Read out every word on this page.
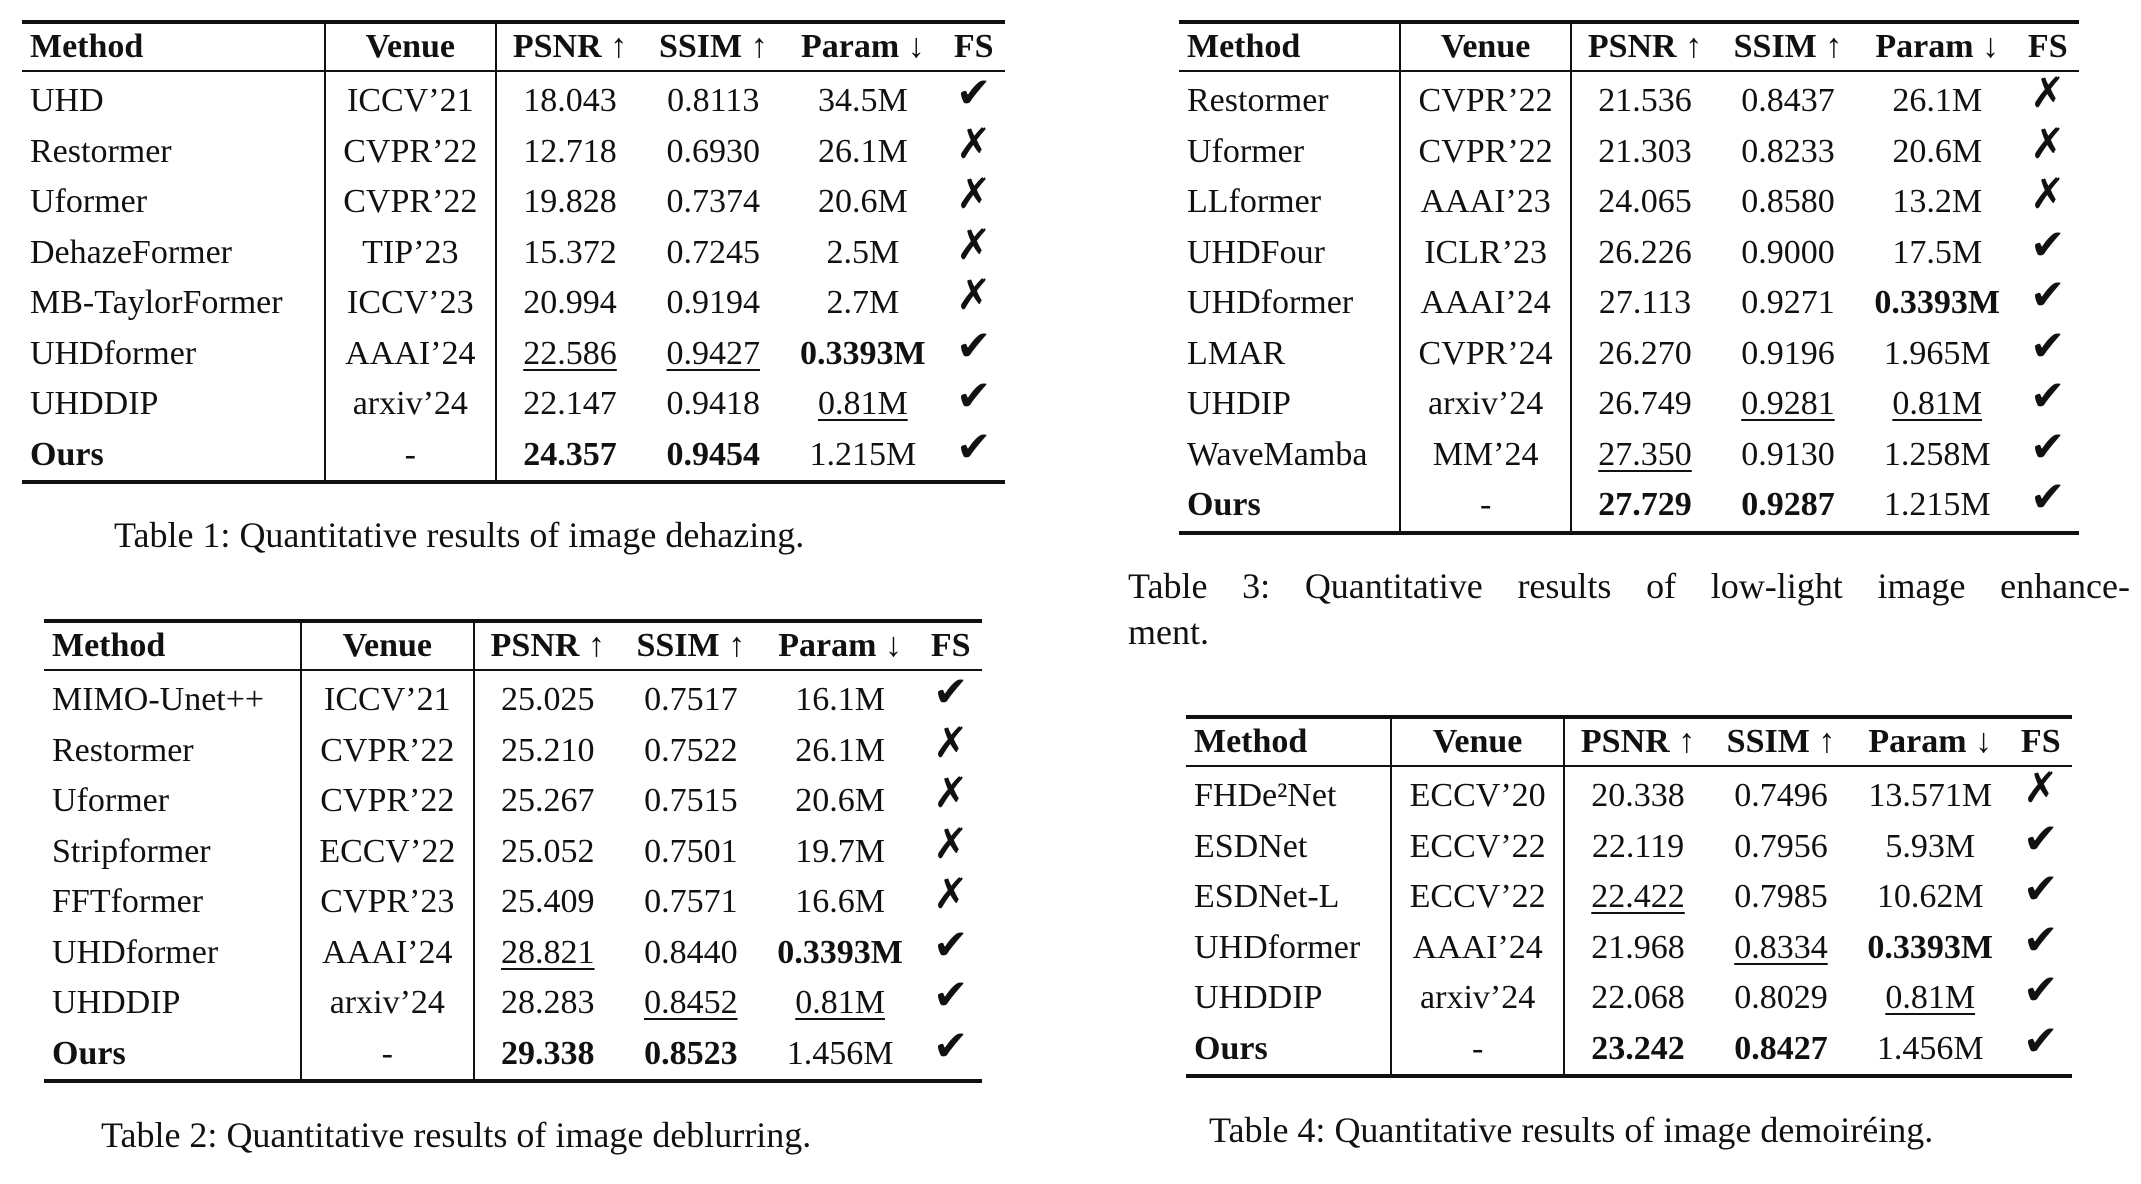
Method	Venue	PSNR ↑	SSIM ↑	Param ↓	FS
UHD	ICCV’21	18.043	0.8113	34.5M	✔
Restormer	CVPR’22	12.718	0.6930	26.1M	✗
Uformer	CVPR’22	19.828	0.7374	20.6M	✗
DehazeFormer	TIP’23	15.372	0.7245	2.5M	✗
MB-TaylorFormer	ICCV’23	20.994	0.9194	2.7M	✗
UHDformer	AAAI’24	22.586	0.9427	0.3393M	✔
UHDDIP	arxiv’24	22.147	0.9418	0.81M	✔
Ours	-	24.357	0.9454	1.215M	✔
Table 1: Quantitative results of image dehazing.
Method	Venue	PSNR ↑	SSIM ↑	Param ↓	FS
MIMO-Unet++	ICCV’21	25.025	0.7517	16.1M	✔
Restormer	CVPR’22	25.210	0.7522	26.1M	✗
Uformer	CVPR’22	25.267	0.7515	20.6M	✗
Stripformer	ECCV’22	25.052	0.7501	19.7M	✗
FFTformer	CVPR’23	25.409	0.7571	16.6M	✗
UHDformer	AAAI’24	28.821	0.8440	0.3393M	✔
UHDDIP	arxiv’24	28.283	0.8452	0.81M	✔
Ours	-	29.338	0.8523	1.456M	✔
Table 2: Quantitative results of image deblurring.
Method	Venue	PSNR ↑	SSIM ↑	Param ↓	FS
Restormer	CVPR’22	21.536	0.8437	26.1M	✗
Uformer	CVPR’22	21.303	0.8233	20.6M	✗
LLformer	AAAI’23	24.065	0.8580	13.2M	✗
UHDFour	ICLR’23	26.226	0.9000	17.5M	✔
UHDformer	AAAI’24	27.113	0.9271	0.3393M	✔
LMAR	CVPR’24	26.270	0.9196	1.965M	✔
UHDIP	arxiv’24	26.749	0.9281	0.81M	✔
WaveMamba	MM’24	27.350	0.9130	1.258M	✔
Ours	-	27.729	0.9287	1.215M	✔
Table 3: Quantitative results of low-light image enhance-
ment.
Method	Venue	PSNR ↑	SSIM ↑	Param ↓	FS
FHDe²Net	ECCV’20	20.338	0.7496	13.571M	✗
ESDNet	ECCV’22	22.119	0.7956	5.93M	✔
ESDNet-L	ECCV’22	22.422	0.7985	10.62M	✔
UHDformer	AAAI’24	21.968	0.8334	0.3393M	✔
UHDDIP	arxiv’24	22.068	0.8029	0.81M	✔
Ours	-	23.242	0.8427	1.456M	✔
Table 4: Quantitative results of image demoiréing.
